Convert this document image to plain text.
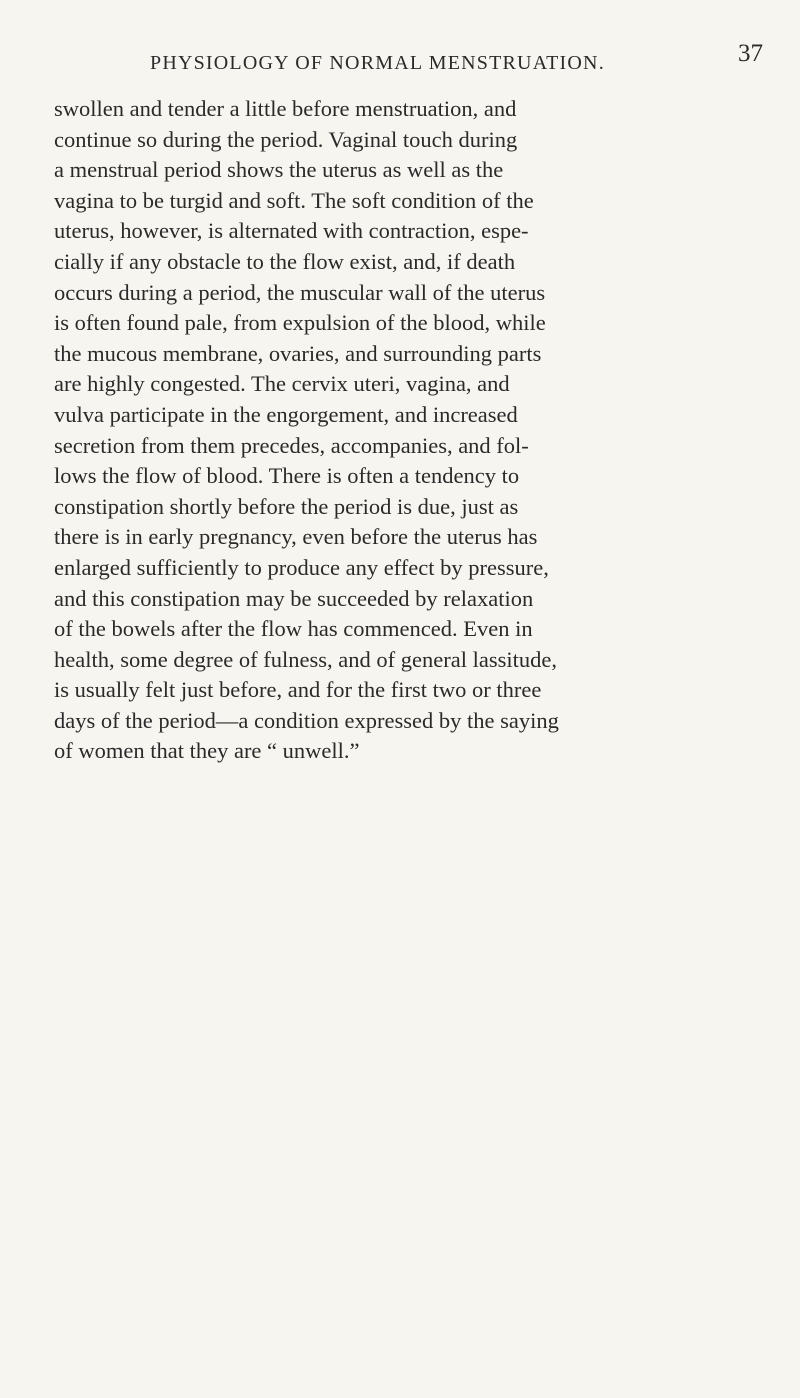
PHYSIOLOGY OF NORMAL MENSTRUATION.	37
swollen and tender a little before menstruation, and
continue so during the period. Vaginal touch during
a menstrual period shows the uterus as well as the
vagina to be turgid and soft. The soft condition of the
uterus, however, is alternated with contraction, espe-
cially if any obstacle to the flow exist, and, if death
occurs during a period, the muscular wall of the uterus
is often found pale, from expulsion of the blood, while
the mucous membrane, ovaries, and surrounding parts
are highly congested. The cervix uteri, vagina, and
vulva participate in the engorgement, and increased
secretion from them precedes, accompanies, and fol-
lows the flow of blood. There is often a tendency to
constipation shortly before the period is due, just as
there is in early pregnancy, even before the uterus has
enlarged sufficiently to produce any effect by pressure,
and this constipation may be succeeded by relaxation
of the bowels after the flow has commenced. Even in
health, some degree of fulness, and of general lassitude,
is usually felt just before, and for the first two or three
days of the period—a condition expressed by the saying
of women that they are “ unwell.”
